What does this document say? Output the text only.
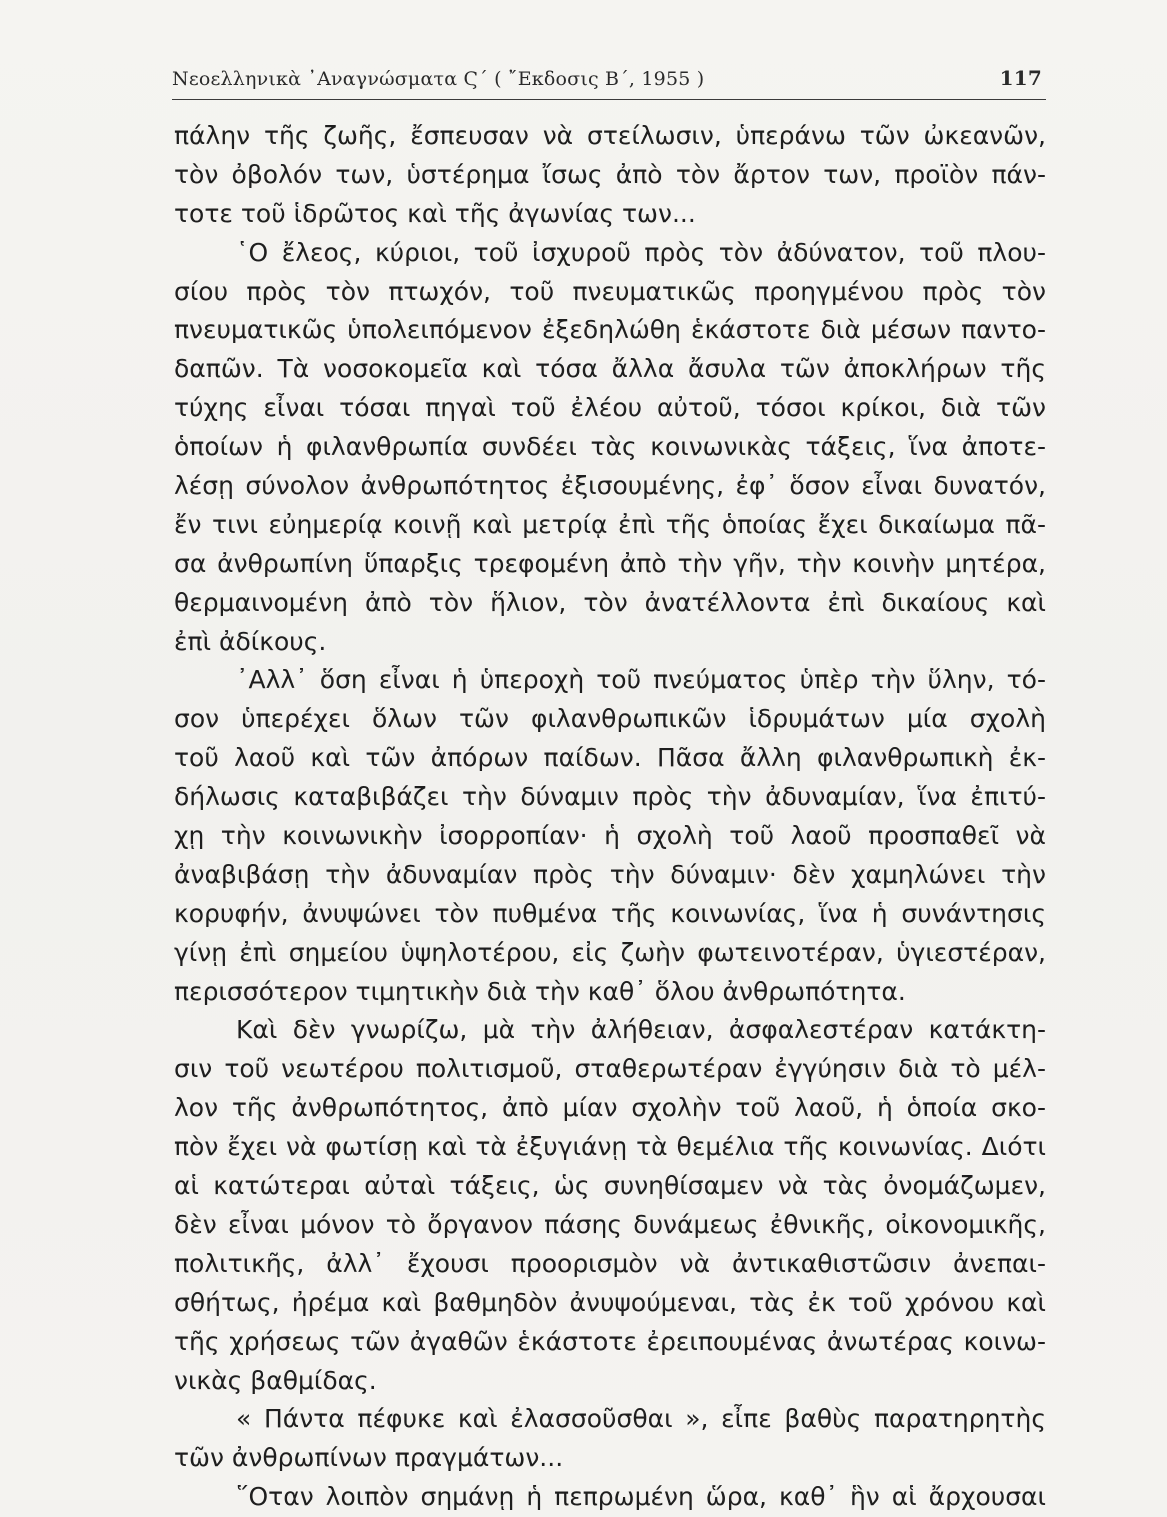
Νεοελληνικὰ ᾿Αναγνώσματα Ϛ΄ ( ῎Εκδοσις Β΄, 1955 )	117
πάλην τῆς ζωῆς, ἔσπευσαν νὰ στείλωσιν, ὑπεράνω τῶν ὠκεανῶν,
τὸν ὀβολόν των, ὑστέρημα ἴσως ἀπὸ τὸν ἄρτον των, προϊὸν πάν-
τοτε τοῦ ἱδρῶτος καὶ τῆς ἀγωνίας των...
῾Ο ἔλεος, κύριοι, τοῦ ἰσχυροῦ πρὸς τὸν ἀδύνατον, τοῦ πλου-
σίου πρὸς τὸν πτωχόν, τοῦ πνευματικῶς προηγμένου πρὸς τὸν
πνευματικῶς ὑπολειπόμενον ἐξεδηλώθη ἑκάστοτε διὰ μέσων παντο-
δαπῶν. Τὰ νοσοκομεῖα καὶ τόσα ἄλλα ἄσυλα τῶν ἀποκλήρων τῆς
τύχης εἶναι τόσαι πηγαὶ τοῦ ἐλέου αὐτοῦ, τόσοι κρίκοι, διὰ τῶν
ὁποίων ἡ φιλανθρωπία συνδέει τὰς κοινωνικὰς τάξεις, ἵνα ἀποτε-
λέσῃ σύνολον ἀνθρωπότητος ἐξισουμένης, ἐφ᾿ ὅσον εἶναι δυνατόν,
ἔν τινι εὐημερίᾳ κοινῇ καὶ μετρίᾳ ἐπὶ τῆς ὁποίας ἔχει δικαίωμα πᾶ-
σα ἀνθρωπίνη ὕπαρξις τρεφομένη ἀπὸ τὴν γῆν, τὴν κοινὴν μητέρα,
θερμαινομένη ἀπὸ τὸν ἥλιον, τὸν ἀνατέλλοντα ἐπὶ δικαίους καὶ
ἐπὶ ἀδίκους.
᾿Αλλ᾿ ὅση εἶναι ἡ ὑπεροχὴ τοῦ πνεύματος ὑπὲρ τὴν ὕλην, τό-
σον ὑπερέχει ὅλων τῶν φιλανθρωπικῶν ἱδρυμάτων μία σχολὴ
τοῦ λαοῦ καὶ τῶν ἀπόρων παίδων. Πᾶσα ἄλλη φιλανθρωπικὴ ἐκ-
δήλωσις καταβιβάζει τὴν δύναμιν πρὸς τὴν ἀδυναμίαν, ἵνα ἐπιτύ-
χῃ τὴν κοινωνικὴν ἰσορροπίαν· ἡ σχολὴ τοῦ λαοῦ προσπαθεῖ νὰ
ἀναβιβάσῃ τὴν ἀδυναμίαν πρὸς τὴν δύναμιν· δὲν χαμηλώνει τὴν
κορυφήν, ἀνυψώνει τὸν πυθμένα τῆς κοινωνίας, ἵνα ἡ συνάντησις
γίνῃ ἐπὶ σημείου ὑψηλοτέρου, εἰς ζωὴν φωτεινοτέραν, ὑγιεστέραν,
περισσότερον τιμητικὴν διὰ τὴν καθ᾿ ὅλου ἀνθρωπότητα.
Καὶ δὲν γνωρίζω, μὰ τὴν ἀλήθειαν, ἀσφαλεστέραν κατάκτη-
σιν τοῦ νεωτέρου πολιτισμοῦ, σταθερωτέραν ἐγγύησιν διὰ τὸ μέλ-
λον τῆς ἀνθρωπότητος, ἀπὸ μίαν σχολὴν τοῦ λαοῦ, ἡ ὁποία σκο-
πὸν ἔχει νὰ φωτίσῃ καὶ τὰ ἐξυγιάνῃ τὰ θεμέλια τῆς κοινωνίας. Διότι
αἱ κατώτεραι αὐταὶ τάξεις, ὡς συνηθίσαμεν νὰ τὰς ὀνομάζωμεν,
δὲν εἶναι μόνον τὸ ὄργανον πάσης δυνάμεως ἐθνικῆς, οἰκονομικῆς,
πολιτικῆς, ἀλλ᾿ ἔχουσι προορισμὸν νὰ ἀντικαθιστῶσιν ἀνεπαι-
σθήτως, ἠρέμα καὶ βαθμηδὸν ἀνυψούμεναι, τὰς ἐκ τοῦ χρόνου καὶ
τῆς χρήσεως τῶν ἀγαθῶν ἑκάστοτε ἐρειπουμένας ἀνωτέρας κοινω-
νικὰς βαθμίδας.
« Πάντα πέφυκε καὶ ἐλασσοῦσθαι », εἶπε βαθὺς παρατηρητὴς
τῶν ἀνθρωπίνων πραγμάτων...
῞Οταν λοιπὸν σημάνῃ ἡ πεπρωμένη ὥρα, καθ᾿ ἣν αἱ ἄρχουσαι
